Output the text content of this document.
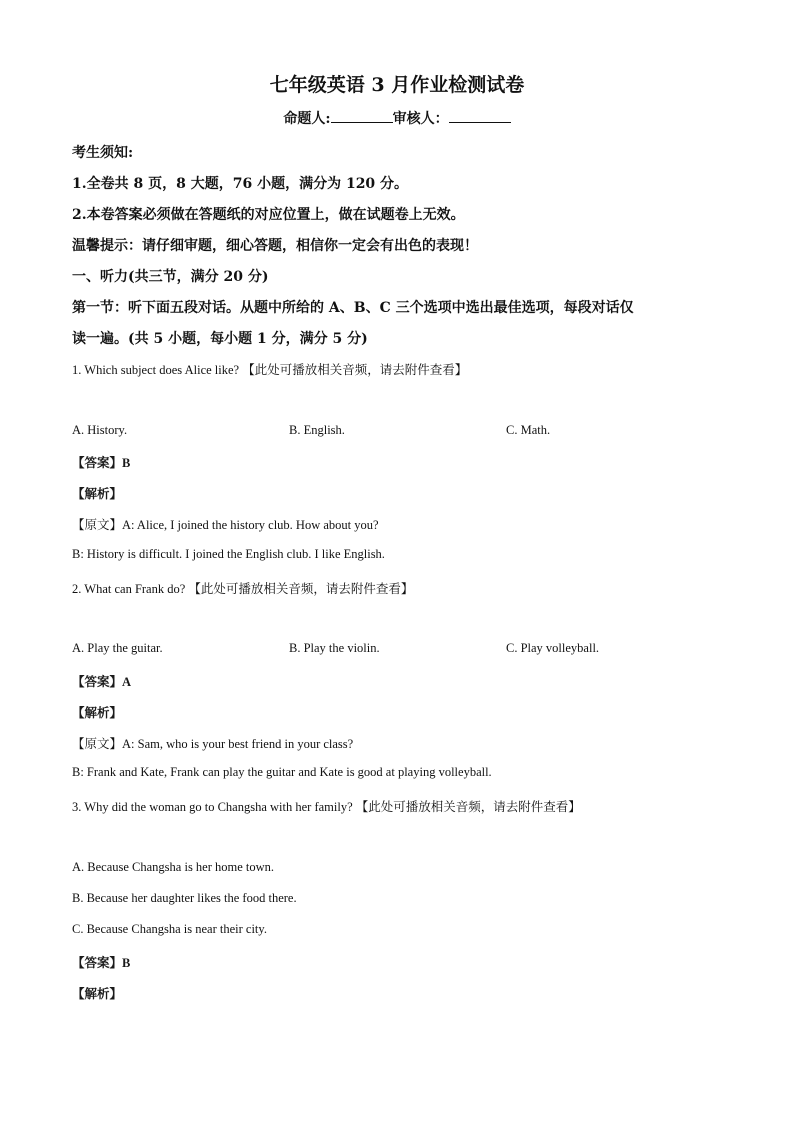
七年级英语 3 月作业检测试卷
命题人:	审核人：
考生须知:
1.全卷共 8 页，8 大题，76 小题，满分为 120 分。
2.本卷答案必须做在答题纸的对应位置上，做在试题卷上无效。
温馨提示：请仔细审题，细心答题，相信你一定会有出色的表现！
一、听力(共三节，满分 20 分)
第一节：听下面五段对话。从题中所给的 A、B、C 三个选项中选出最佳选项，每段对话仅
读一遍。(共 5 小题，每小题 1 分，满分 5 分)
1. Which subject does Alice like? 【此处可播放相关音频，请去附件查看】
A. History.	B. English.	C. Math.
【答案】B
【解析】
【原文】A: Alice, I joined the history club. How about you?
B: History is difficult. I joined the English club. I like English.
2. What can Frank do? 【此处可播放相关音频，请去附件查看】
A. Play the guitar.	B. Play the violin.	C. Play volleyball.
【答案】A
【解析】
【原文】A: Sam, who is your best friend in your class?
B: Frank and Kate, Frank can play the guitar and Kate is good at playing volleyball.
3. Why did the woman go to Changsha with her family? 【此处可播放相关音频，请去附件查看】
A. Because Changsha is her home town.
B. Because her daughter likes the food there.
C. Because Changsha is near their city.
【答案】B
【解析】
